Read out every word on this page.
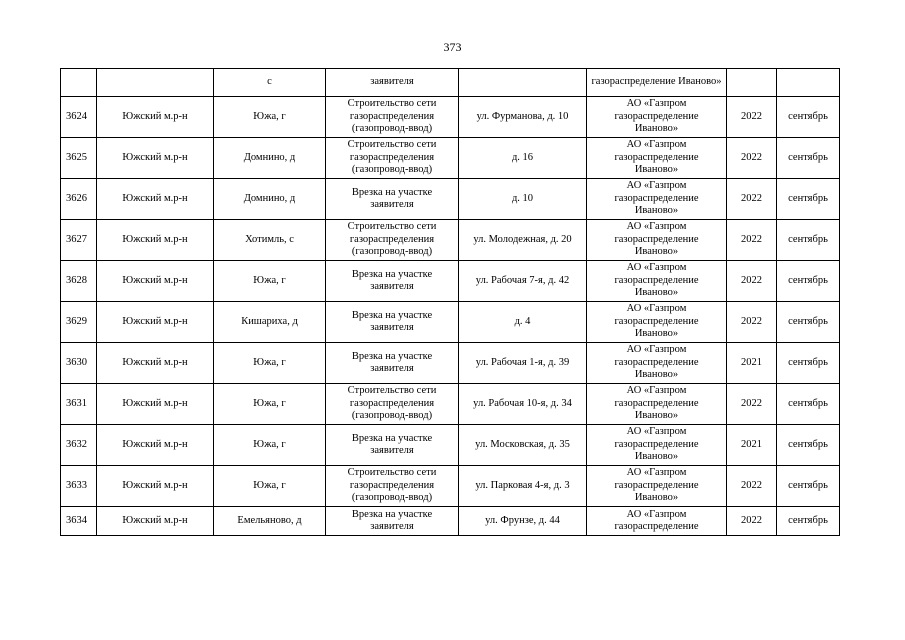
373
		с	заявителя		газораспределение Иваново»		
3624	Южский м.р-н	Южа, г	Строительство сети
газораспределения
(газопровод-ввод)	ул. Фурманова, д. 10	АО «Газпром
газораспределение
Иваново»	2022	сентябрь
3625	Южский м.р-н	Домнино, д	Строительство сети
газораспределения
(газопровод-ввод)	д. 16	АО «Газпром
газораспределение
Иваново»	2022	сентябрь
3626	Южский м.р-н	Домнино, д	Врезка на участке
заявителя	д. 10	АО «Газпром
газораспределение
Иваново»	2022	сентябрь
3627	Южский м.р-н	Хотимль, с	Строительство сети
газораспределения
(газопровод-ввод)	ул. Молодежная, д. 20	АО «Газпром
газораспределение
Иваново»	2022	сентябрь
3628	Южский м.р-н	Южа, г	Врезка на участке
заявителя	ул. Рабочая 7-я, д. 42	АО «Газпром
газораспределение
Иваново»	2022	сентябрь
3629	Южский м.р-н	Кишариха, д	Врезка на участке
заявителя	д. 4	АО «Газпром
газораспределение
Иваново»	2022	сентябрь
3630	Южский м.р-н	Южа, г	Врезка на участке
заявителя	ул. Рабочая 1-я, д. 39	АО «Газпром
газораспределение
Иваново»	2021	сентябрь
3631	Южский м.р-н	Южа, г	Строительство сети
газораспределения
(газопровод-ввод)	ул. Рабочая 10-я, д. 34	АО «Газпром
газораспределение
Иваново»	2022	сентябрь
3632	Южский м.р-н	Южа, г	Врезка на участке
заявителя	ул. Московская, д. 35	АО «Газпром
газораспределение
Иваново»	2021	сентябрь
3633	Южский м.р-н	Южа, г	Строительство сети
газораспределения
(газопровод-ввод)	ул. Парковая 4-я, д. 3	АО «Газпром
газораспределение
Иваново»	2022	сентябрь
3634	Южский м.р-н	Емельяново, д	Врезка на участке
заявителя	ул. Фрунзе, д. 44	АО «Газпром
газораспределение	2022	сентябрь
